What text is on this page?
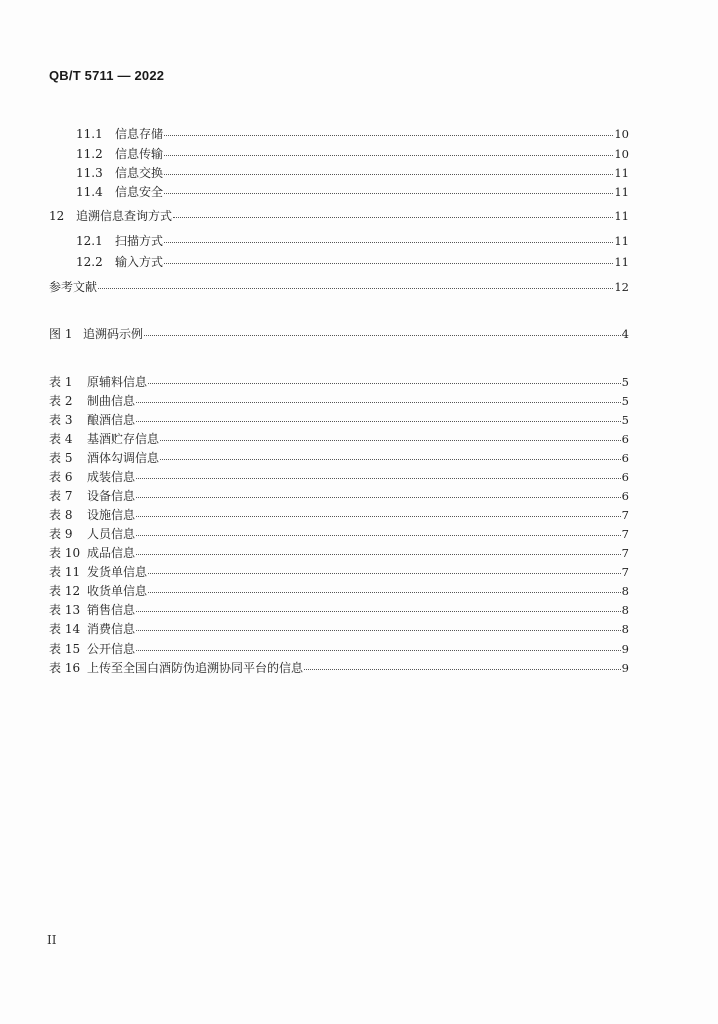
QB/T 5711 — 2022
11.1	信息存储	10
11.2	信息传输	10
11.3	信息交换	11
11.4	信息安全	11
12 追溯信息查询方式	11
12.1	扫描方式	11
12.2	输入方式	11
参考文献	12
图 1 追溯码示例	4
表 1	原辅料信息	5
表 2	制曲信息	5
表 3	酿酒信息	5
表 4	基酒贮存信息	6
表 5	酒体勾调信息	6
表 6	成装信息	6
表 7	设备信息	6
表 8	设施信息	7
表 9	人员信息	7
表 10 成品信息	7
表 11 发货单信息	7
表 12 收货单信息	8
表 13 销售信息	8
表 14 消费信息	8
表 15 公开信息	9
表 16 上传至全国白酒防伪追溯协同平台的信息	9
II
